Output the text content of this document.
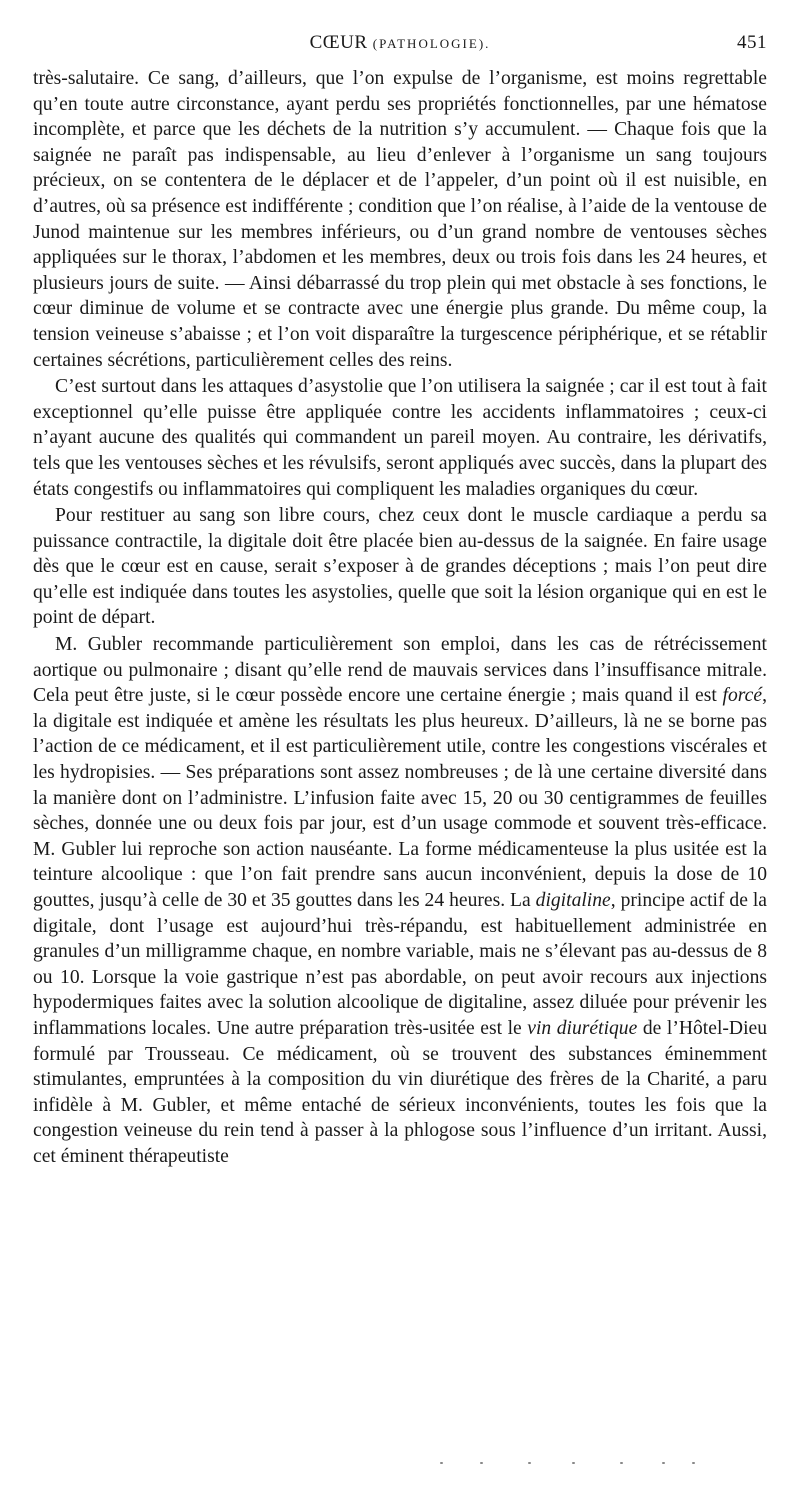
CŒUR (PATHOLOGIE).	451

très-salutaire. Ce sang, d’ailleurs, que l’on expulse de l’organisme, est moins regrettable qu’en toute autre circonstance, ayant perdu ses propriétés fonctionnelles, par une hématose incomplète, et parce que les déchets de la nutrition s’y accumulent. — Chaque fois que la saignée ne paraît pas indispensable, au lieu d’enlever à l’organisme un sang toujours précieux, on se contentera de le déplacer et de l’appeler, d’un point où il est nuisible, en d’autres, où sa présence est indifférente ; condition que l’on réalise, à l’aide de la ventouse de Junod maintenue sur les membres inférieurs, ou d’un grand nombre de ventouses sèches appliquées sur le thorax, l’abdomen et les membres, deux ou trois fois dans les 24 heures, et plusieurs jours de suite. — Ainsi débarrassé du trop plein qui met obstacle à ses fonctions, le cœur diminue de volume et se contracte avec une énergie plus grande. Du même coup, la tension veineuse s’abaisse ; et l’on voit disparaître la turgescence périphérique, et se rétablir certaines sécrétions, particulièrement celles des reins.

C’est surtout dans les attaques d’asystolie que l’on utilisera la saignée ; car il est tout à fait exceptionnel qu’elle puisse être appliquée contre les accidents inflammatoires ; ceux-ci n’ayant aucune des qualités qui commandent un pareil moyen. Au contraire, les dérivatifs, tels que les ventouses sèches et les révulsifs, seront appliqués avec succès, dans la plupart des états congestifs ou inflammatoires qui compliquent les maladies organiques du cœur.

Pour restituer au sang son libre cours, chez ceux dont le muscle cardiaque a perdu sa puissance contractile, la digitale doit être placée bien au-dessus de la saignée. En faire usage dès que le cœur est en cause, serait s’exposer à de grandes déceptions ; mais l’on peut dire qu’elle est indiquée dans toutes les asystolies, quelle que soit la lésion organique qui en est le point de départ.

M. Gubler recommande particulièrement son emploi, dans les cas de rétrécissement aortique ou pulmonaire ; disant qu’elle rend de mauvais services dans l’insuffisance mitrale. Cela peut être juste, si le cœur possède encore une certaine énergie ; mais quand il est forcé, la digitale est indiquée et amène les résultats les plus heureux. D’ailleurs, là ne se borne pas l’action de ce médicament, et il est particulièrement utile, contre les congestions viscérales et les hydropisies. — Ses préparations sont assez nombreuses ; de là une certaine diversité dans la manière dont on l’administre. L’infusion faite avec 15, 20 ou 30 centigrammes de feuilles sèches, donnée une ou deux fois par jour, est d’un usage commode et souvent très-efficace. M. Gubler lui reproche son action nauséante. La forme médicamenteuse la plus usitée est la teinture alcoolique : que l’on fait prendre sans aucun inconvénient, depuis la dose de 10 gouttes, jusqu’à celle de 30 et 35 gouttes dans les 24 heures. La digitaline, principe actif de la digitale, dont l’usage est aujourd’hui très-répandu, est habituellement administrée en granules d’un milligramme chaque, en nombre variable, mais ne s’élevant pas au-dessus de 8 ou 10. Lorsque la voie gastrique n’est pas abordable, on peut avoir recours aux injections hypodermiques faites avec la solution alcoolique de digitaline, assez diluée pour prévenir les inflammations locales. Une autre préparation très-usitée est le vin diurétique de l’Hôtel-Dieu formulé par Trousseau. Ce médicament, où se trouvent des substances éminemment stimulantes, empruntées à la composition du vin diurétique des frères de la Charité, a paru infidèle à M. Gubler, et même entaché de sérieux inconvénients, toutes les fois que la congestion veineuse du rein tend à passer à la phlogose sous l’influence d’un irritant. Aussi, cet éminent thérapeutiste
